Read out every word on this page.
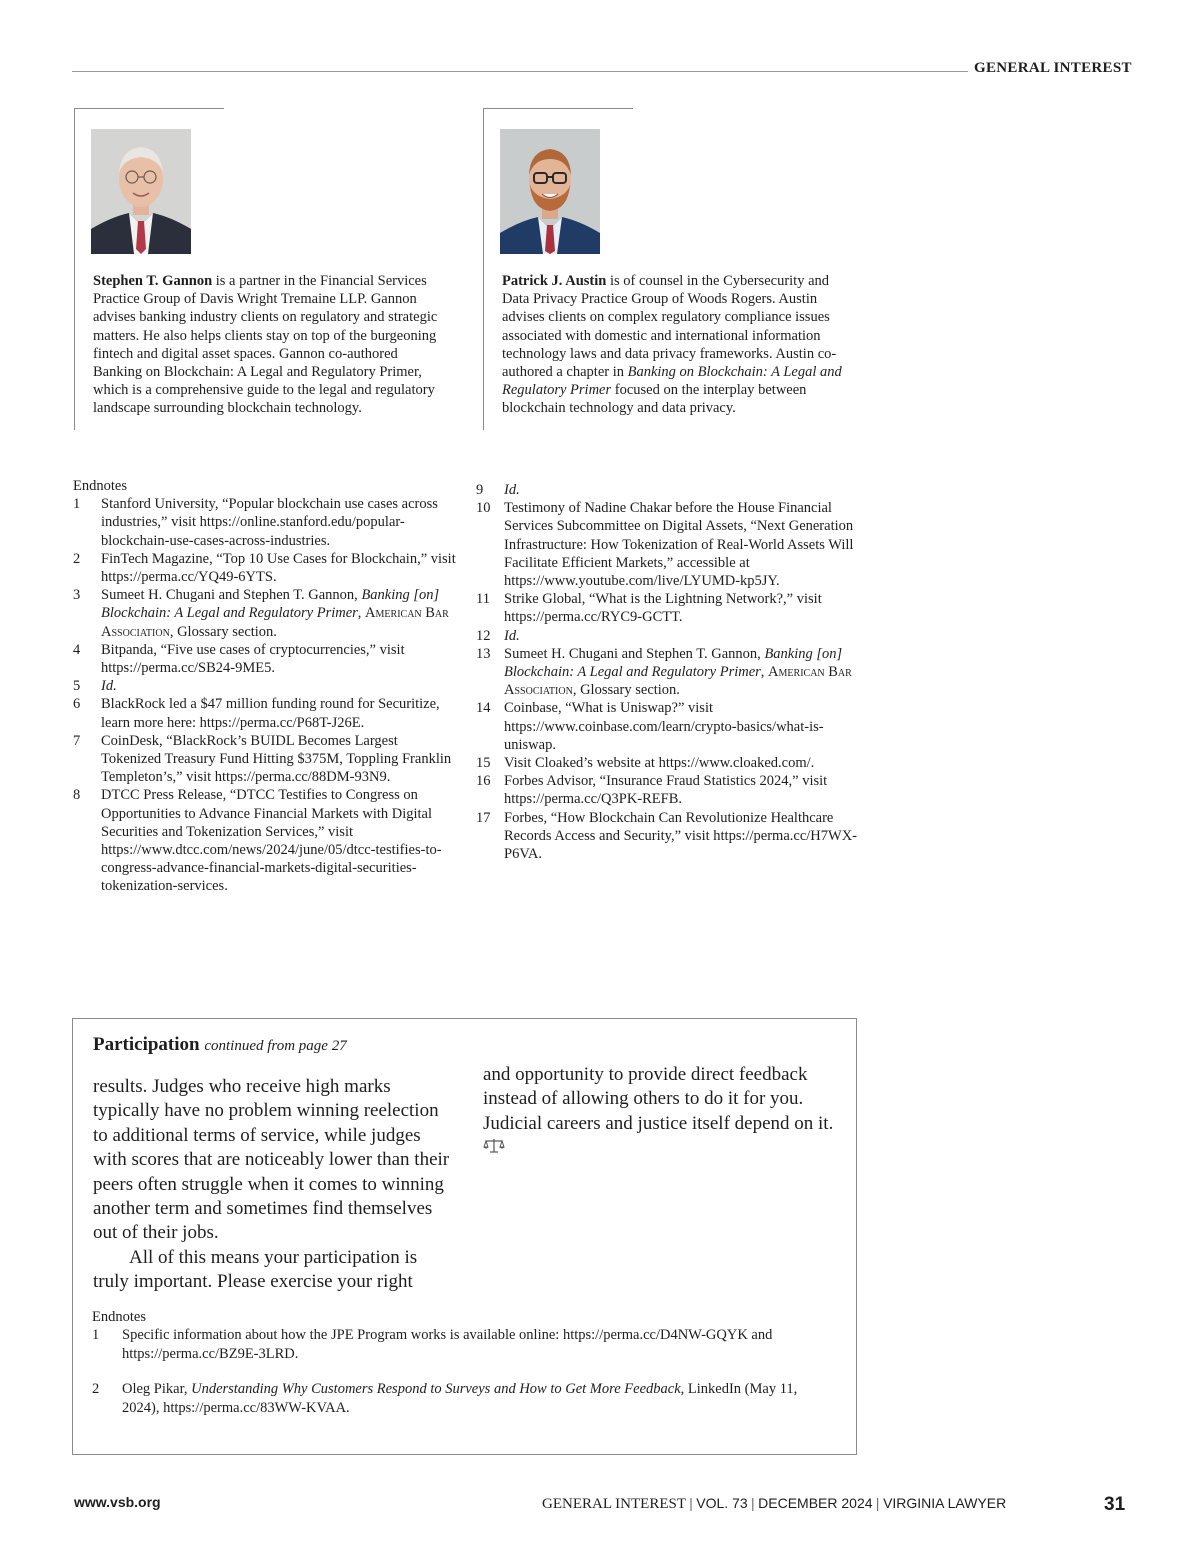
GENERAL INTEREST
Stephen T. Gannon is a partner in the Financial Services Practice Group of Davis Wright Tremaine LLP. Gannon advises banking industry clients on regulatory and strategic matters. He also helps clients stay on top of the burgeoning fintech and digital asset spaces. Gannon co-authored Banking on Blockchain: A Legal and Regulatory Primer, which is a comprehensive guide to the legal and regulatory landscape surrounding blockchain technology.
Patrick J. Austin is of counsel in the Cybersecurity and Data Privacy Practice Group of Woods Rogers. Austin advises clients on complex regulatory compliance issues associated with domestic and international information technology laws and data privacy frameworks. Austin co-authored a chapter in Banking on Blockchain: A Legal and Regulatory Primer focused on the interplay between blockchain technology and data privacy.
Endnotes
1	Stanford University, “Popular blockchain use cases across industries,” visit https://online.stanford.edu/popular-blockchain-use-cases-across-industries.
2	FinTech Magazine, “Top 10 Use Cases for Blockchain,” visit https://perma.cc/YQ49-6YTS.
3	Sumeet H. Chugani and Stephen T. Gannon, Banking [on] Blockchain: A Legal and Regulatory Primer, American Bar Association, Glossary section.
4	Bitpanda, “Five use cases of cryptocurrencies,” visit https://perma.cc/SB24-9ME5.
5	Id.
6	BlackRock led a $47 million funding round for Securitize, learn more here: https://perma.cc/P68T-J26E.
7	CoinDesk, “BlackRock’s BUIDL Becomes Largest Tokenized Treasury Fund Hitting $375M, Toppling Franklin Templeton’s,” visit https://perma.cc/88DM-93N9.
8	DTCC Press Release, “DTCC Testifies to Congress on Opportunities to Advance Financial Markets with Digital Securities and Tokenization Services,” visit https://www.dtcc.com/news/2024/june/05/dtcc-testifies-to-congress-advance-financial-markets-digital-securities-tokenization-services.
9	Id.
10 Testimony of Nadine Chakar before the House Financial Services Subcommittee on Digital Assets, “Next Generation Infrastructure: How Tokenization of Real-World Assets Will Facilitate Efficient Markets,” accessible at https://www.youtube.com/live/LYUMD-kp5JY.
11 Strike Global, “What is the Lightning Network?,” visit https://perma.cc/RYC9-GCTT.
12 Id.
13 Sumeet H. Chugani and Stephen T. Gannon, Banking [on] Blockchain: A Legal and Regulatory Primer, American Bar Association, Glossary section.
14 Coinbase, “What is Uniswap?” visit https://www.coinbase.com/learn/crypto-basics/what-is-uniswap.
15 Visit Cloaked’s website at https://www.cloaked.com/.
16 Forbes Advisor, “Insurance Fraud Statistics 2024,” visit https://perma.cc/Q3PK-REFB.
17 Forbes, “How Blockchain Can Revolutionize Healthcare Records Access and Security,” visit https://perma.cc/H7WX-P6VA.
Participation continued from page 27
results. Judges who receive high marks typically have no problem winning reelection to additional terms of service, while judges with scores that are noticeably lower than their peers often struggle when it comes to winning another term and sometimes find themselves out of their jobs.
All of this means your participation is truly important. Please exercise your right
and opportunity to provide direct feedback instead of allowing others to do it for you. Judicial careers and justice itself depend on it.
Endnotes
1	Specific information about how the JPE Program works is available online: https://perma.cc/D4NW-GQYK and https://perma.cc/BZ9E-3LRD.
2	Oleg Pikar, Understanding Why Customers Respond to Surveys and How to Get More Feedback, LinkedIn (May 11, 2024), https://perma.cc/83WW-KVAA.
www.vsb.org	GENERAL INTEREST | VOL. 73 | DECEMBER 2024 | VIRGINIA LAWYER	31
